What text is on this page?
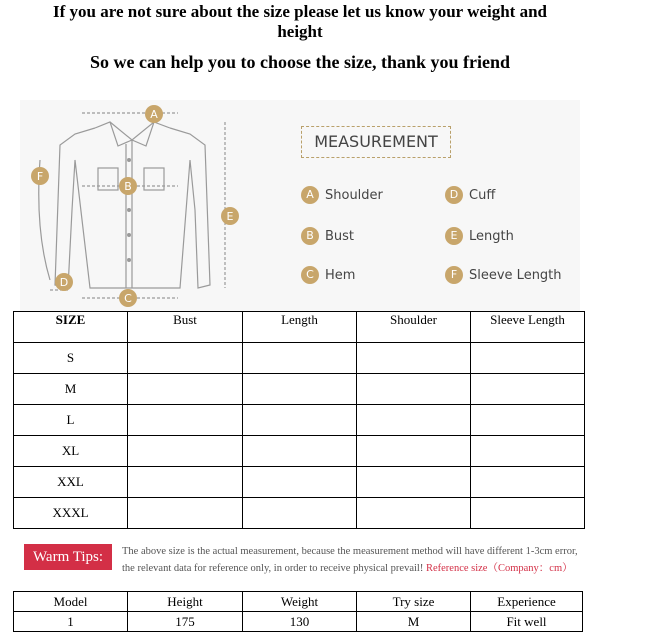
If you are not sure about the size please let us know your weight and
height
So we can help you to choose the size, thank you friend
A
B
C
D
E
F
MEASUREMENT
A Shoulder
B Bust
C Hem
D Cuff
E Length
F Sleeve Length
SIZE	Bust	Length	Shoulder	Sleeve Length
S				
M				
L				
XL				
XXL				
XXXL				
Warm Tips:	The above size is the actual measurement, because the measurement method will have different 1-3cm error,
the relevant data for reference only, in order to receive physical prevail! Reference size（Company：cm）
Model	Height	Weight	Try size	Experience
1	175	130	M	Fit well
